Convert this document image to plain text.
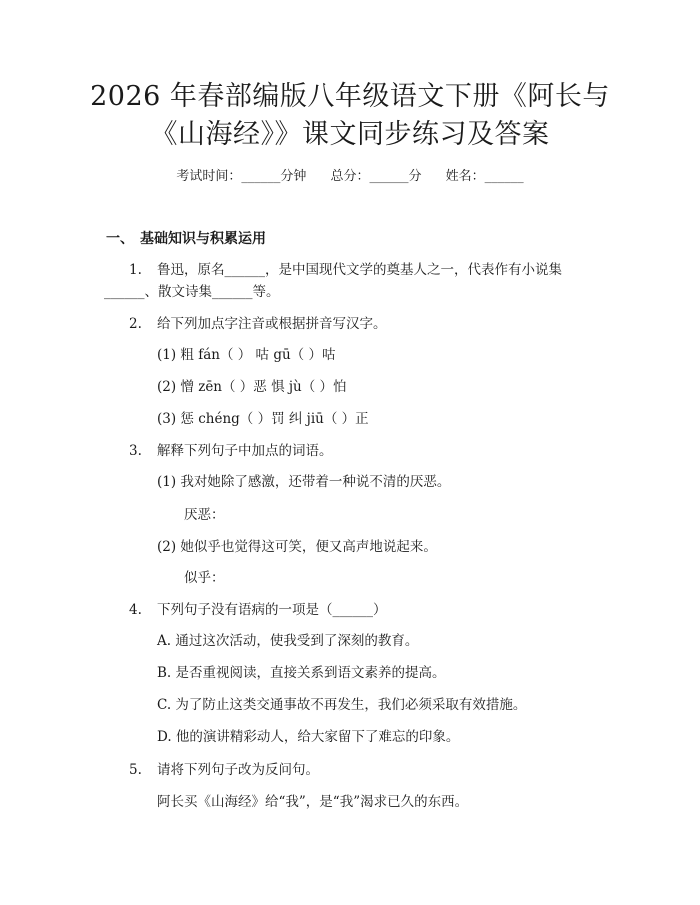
2026 年春部编版八年级语文下册《阿长与
《山海经》》课文同步练习及答案
考试时间：______分钟 总分：______分 姓名：______
一、 基础知识与积累运用
1. 鲁迅，原名______，是中国现代文学的奠基人之一，代表作有小说集
______、散文诗集______等。
2. 给下列加点字注音或根据拼音写汉字。
(1) 粗 fán（ ） 咕 gū（ ）咕
(2) 憎 zēn（ ）恶 惧 jù（ ）怕
(3) 惩 chéng（ ）罚 纠 jiū（ ）正
3. 解释下列句子中加点的词语。
(1) 我对她除了感激，还带着一种说不清的厌恶。
厌恶：
(2) 她似乎也觉得这可笑，便又高声地说起来。
似乎：
4. 下列句子没有语病的一项是（______）
A. 通过这次活动，使我受到了深刻的教育。
B. 是否重视阅读，直接关系到语文素养的提高。
C. 为了防止这类交通事故不再发生，我们必须采取有效措施。
D. 他的演讲精彩动人，给大家留下了难忘的印象。
5. 请将下列句子改为反问句。
阿长买《山海经》给“我”，是“我”渴求已久的东西。
